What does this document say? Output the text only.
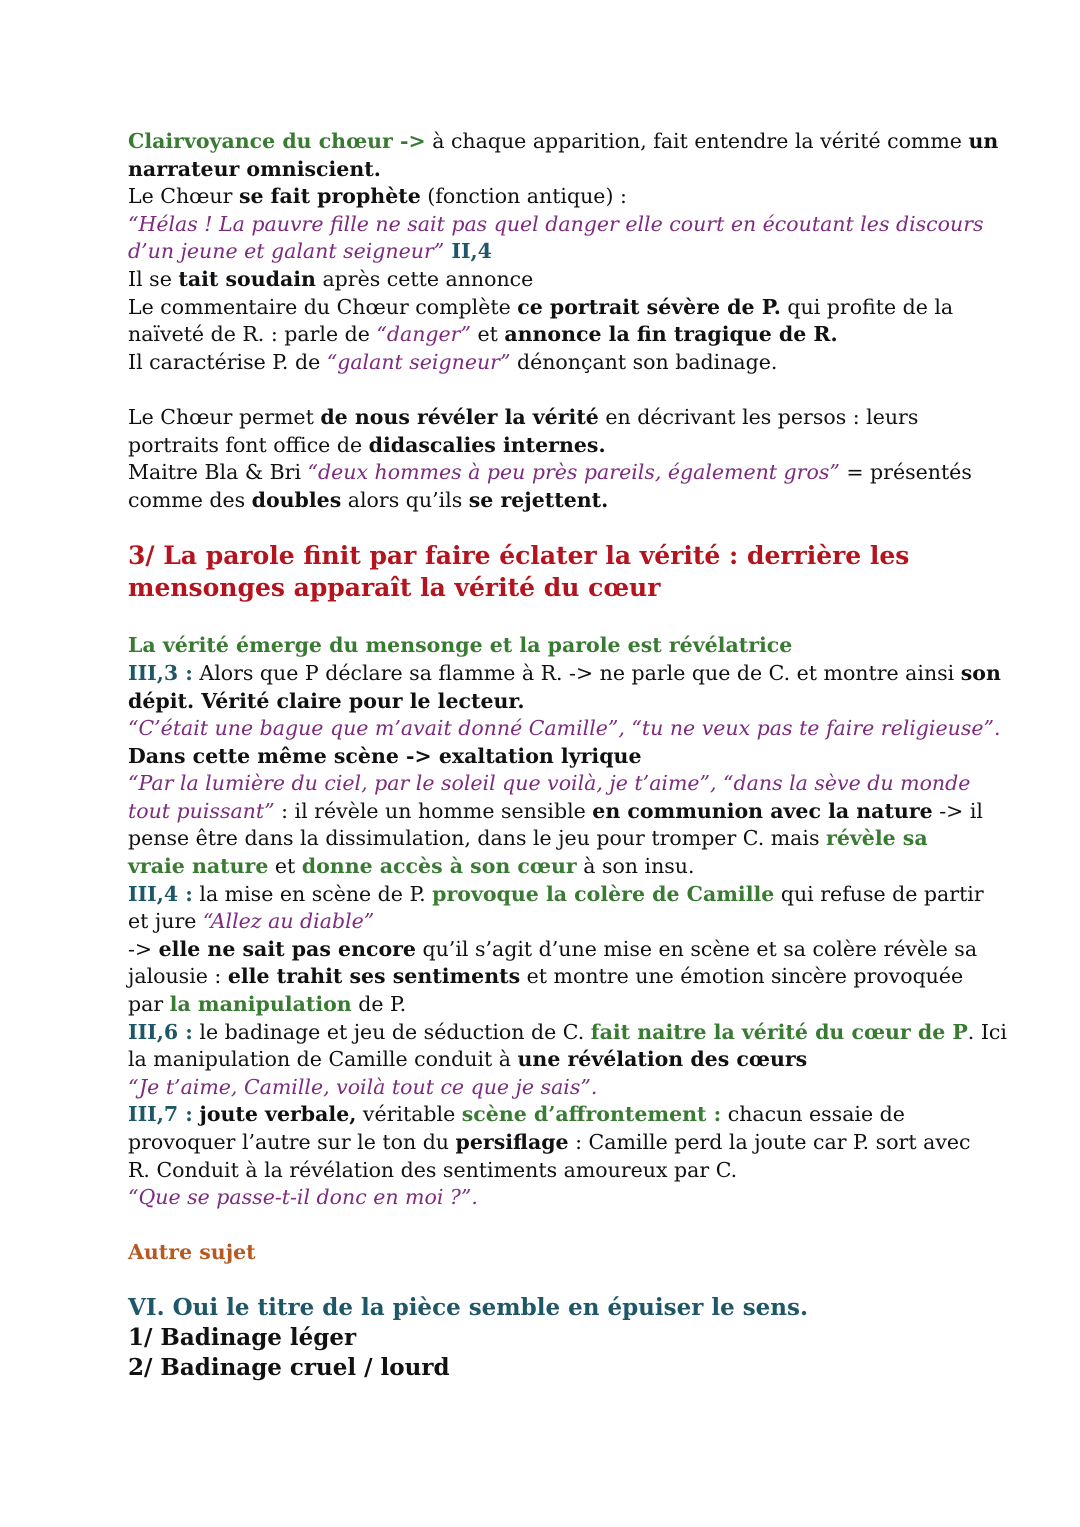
Clairvoyance du chœur -> à chaque apparition, fait entendre la vérité comme un

narrateur omniscient.

Le Chœur se fait prophète (fonction antique) :

“Hélas ! La pauvre fille ne sait pas quel danger elle court en écoutant les discours

d’un jeune et galant seigneur” II,4

Il se tait soudain après cette annonce

Le commentaire du Chœur complète ce portrait sévère de P. qui profite de la

naïveté de R. : parle de “danger” et annonce la fin tragique de R.

Il caractérise P. de “galant seigneur” dénonçant son badinage.

Le Chœur permet de nous révéler la vérité en décrivant les persos : leurs

portraits font office de didascalies internes.

Maitre Bla & Bri “deux hommes à peu près pareils, également gros” = présentés

comme des doubles alors qu’ils se rejettent.

3/ La parole finit par faire éclater la vérité : derrière les
mensonges apparaît la vérité du cœur

La vérité émerge du mensonge et la parole est révélatrice

III,3 : Alors que P déclare sa flamme à R. -> ne parle que de C. et montre ainsi son

dépit. Vérité claire pour le lecteur.

“C’était une bague que m’avait donné Camille”, “tu ne veux pas te faire religieuse”.

Dans cette même scène -> exaltation lyrique

“Par la lumière du ciel, par le soleil que voilà, je t’aime”, “dans la sève du monde

tout puissant” : il révèle un homme sensible en communion avec la nature -> il

pense être dans la dissimulation, dans le jeu pour tromper C. mais révèle sa

vraie nature et donne accès à son cœur à son insu.

III,4 : la mise en scène de P. provoque la colère de Camille qui refuse de partir

et jure “Allez au diable”

-> elle ne sait pas encore qu’il s’agit d’une mise en scène et sa colère révèle sa

jalousie : elle trahit ses sentiments et montre une émotion sincère provoquée

par la manipulation de P.

III,6 : le badinage et jeu de séduction de C. fait naitre la vérité du cœur de P. Ici

la manipulation de Camille conduit à une révélation des cœurs

“Je t’aime, Camille, voilà tout ce que je sais”.

III,7 : joute verbale, véritable scène d’affrontement : chacun essaie de

provoquer l’autre sur le ton du persiflage : Camille perd la joute car P. sort avec

R. Conduit à la révélation des sentiments amoureux par C.

“Que se passe-t-il donc en moi ?”.

Autre sujet

VI. Oui le titre de la pièce semble en épuiser le sens.

1/ Badinage léger

2/ Badinage cruel / lourd
